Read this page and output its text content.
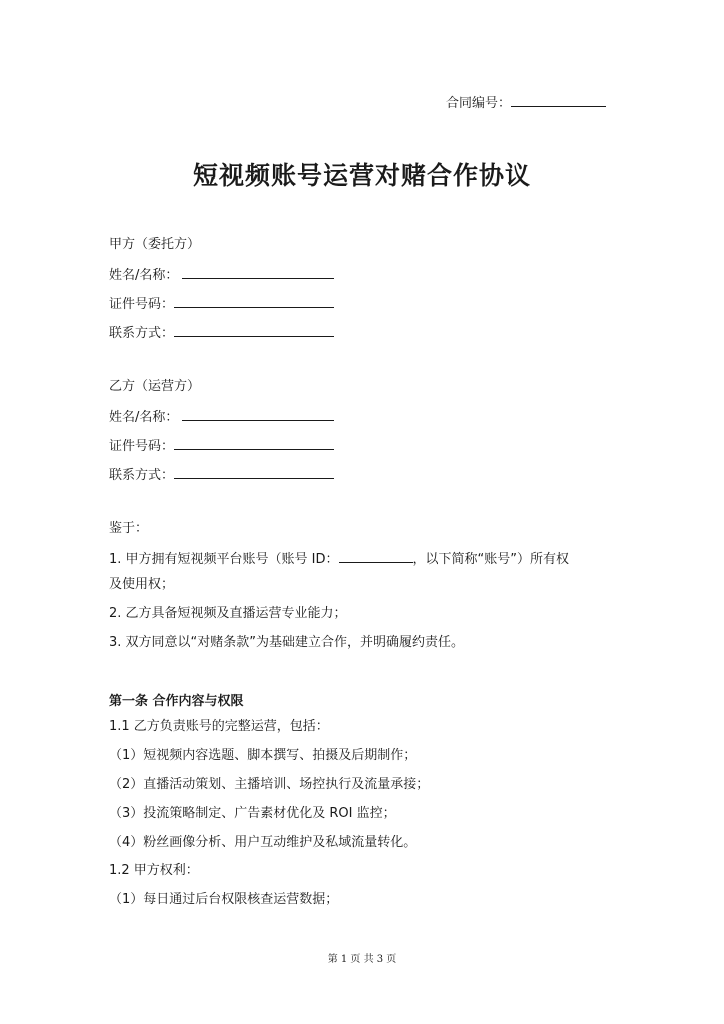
合同编号：
短视频账号运营对赌合作协议
甲方（委托方）
姓名/名称：
证件号码：
联系方式：
乙方（运营方）
姓名/名称：
证件号码：
联系方式：
鉴于：
1. 甲方拥有短视频平台账号（账号 ID：	，以下简称“账号”）所有权
及使用权；
2. 乙方具备短视频及直播运营专业能力；
3. 双方同意以“对赌条款”为基础建立合作，并明确履约责任。
第一条 合作内容与权限
1.1 乙方负责账号的完整运营，包括：
（1）短视频内容选题、脚本撰写、拍摄及后期制作；
（2）直播活动策划、主播培训、场控执行及流量承接；
（3）投流策略制定、广告素材优化及 ROI 监控；
（4）粉丝画像分析、用户互动维护及私域流量转化。
1.2 甲方权利：
（1）每日通过后台权限核查运营数据；
第 1 页 共 3 页
